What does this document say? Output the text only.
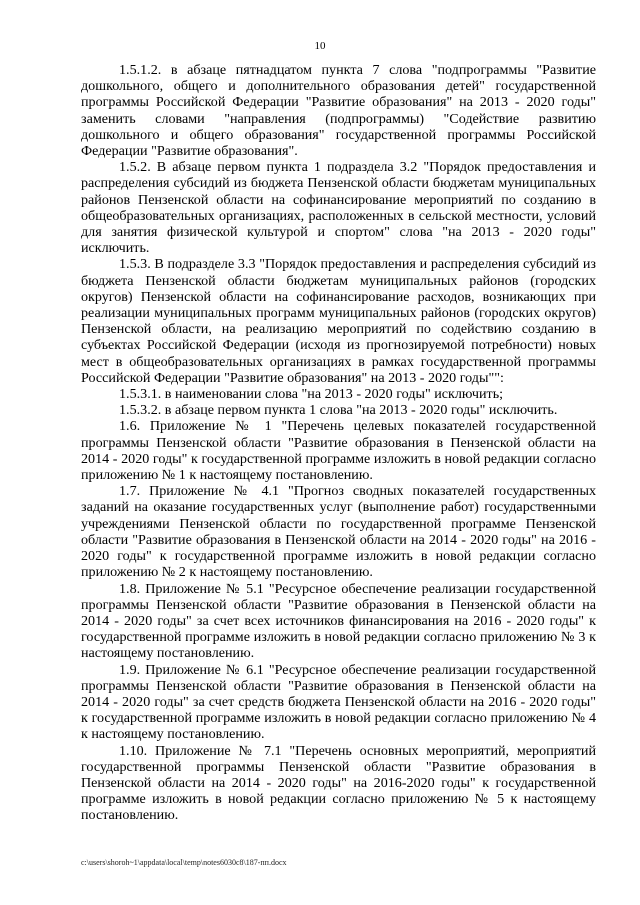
10

1.5.1.2. в абзаце пятнадцатом пункта 7 слова "подпрограммы "Развитие дошкольного, общего и дополнительного образования детей" государственной программы Российской Федерации "Развитие образования" на 2013 - 2020 годы" заменить словами "направления (подпрограммы) "Содействие развитию дошкольного и общего образования" государственной программы Российской Федерации "Развитие образования".

1.5.2. В абзаце первом пункта 1 подраздела 3.2 "Порядок предоставления и распределения субсидий из бюджета Пензенской области бюджетам муниципальных районов Пензенской области на софинансирование мероприятий по созданию в общеобразовательных организациях, расположенных в сельской местности, условий для занятия физической культурой и спортом" слова "на 2013 - 2020 годы" исключить.

1.5.3. В подразделе 3.3 "Порядок предоставления и распределения субсидий из бюджета Пензенской области бюджетам муниципальных районов (городских округов) Пензенской области на софинансирование расходов, возникающих при реализации муниципальных программ муниципальных районов (городских округов) Пензенской области, на реализацию мероприятий по содействию созданию в субъектах Российской Федерации (исходя из прогнозируемой потребности) новых мест в общеобразовательных организациях в рамках государственной программы Российской Федерации "Развитие образования" на 2013 - 2020 годы"":

1.5.3.1. в наименовании слова "на 2013 - 2020 годы" исключить;

1.5.3.2. в абзаце первом пункта 1 слова "на 2013 - 2020 годы" исключить.

1.6. Приложение № 1 "Перечень целевых показателей государственной программы Пензенской области "Развитие образования в Пензенской области на 2014 - 2020 годы" к государственной программе изложить в новой редакции согласно приложению № 1 к настоящему постановлению.

1.7. Приложение № 4.1 "Прогноз сводных показателей государственных заданий на оказание государственных услуг (выполнение работ) государственными учреждениями Пензенской области по государственной программе Пензенской области "Развитие образования в Пензенской области на 2014 - 2020 годы" на 2016 - 2020 годы" к государственной программе изложить в новой редакции согласно приложению № 2 к настоящему постановлению.

1.8. Приложение № 5.1 "Ресурсное обеспечение реализации государственной программы Пензенской области "Развитие образования в Пензенской области на 2014 - 2020 годы" за счет всех источников финансирования на 2016 - 2020 годы" к государственной программе изложить в новой редакции согласно приложению № 3 к настоящему постановлению.

1.9. Приложение № 6.1 "Ресурсное обеспечение реализации государственной программы Пензенской области "Развитие образования в Пензенской области на 2014 - 2020 годы" за счет средств бюджета Пензенской области на 2016 - 2020 годы" к государственной программе изложить в новой редакции согласно приложению № 4 к настоящему постановлению.

1.10. Приложение № 7.1 "Перечень основных мероприятий, мероприятий государственной программы Пензенской области "Развитие образования в Пензенской области на 2014 - 2020 годы" на 2016-2020 годы" к государственной программе изложить в новой редакции согласно приложению № 5 к настоящему постановлению.

c:\users\shoroh~1\appdata\local\temp\notes6030c8\187-пп.docx
